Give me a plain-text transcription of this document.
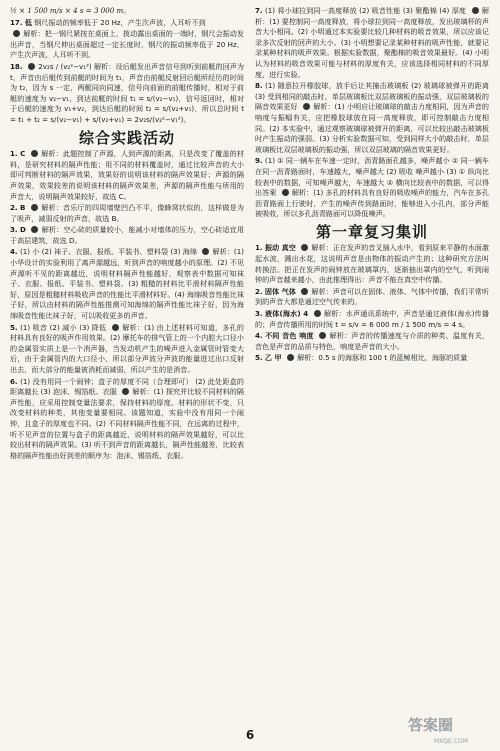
½ × 1 500 m/s × 4 s = 3 000 m。

17. 低 钢尺振动的频率低于 20 Hz，产生次声波，人耳听不到

解析：把一钢尺紧按在桌面上，拨动露出桌面的一端时，钢尺会振动发出声音，当钢尺伸出桌面超过一定长度时，钢尺的振动频率低于 20 Hz，产生次声波，人耳听不到。

18. 2v₂s / (v₂²−v₁²) 解析：设后艇发出声音信号到听到前艇的回声为 t，声音由后艇传到前艇的时间为 t₁，声音由前艇反射回后艇所经历的时间为 t₂，因为 s 一定，两艇同向同速，信号向前面的前艇传播时，相对于前艇的速度为 v₂−v₁，到达前艇的时间 t₁ = s/(v₂−v₁)，信号返回时，相对于后艇的速度为 v₁+v₂，到达后艇的时间 t₂ = s/(v₂+v₁)，所以总时间 t = t₁ + t₂ = s/(v₂−v₁) + s/(v₂+v₁) = 2v₂s/(v₂²−v₁²)。

综合实践活动

1. C 解析：此题控制了声源，人到声源的距离，只是改变了覆盖的材料，是研究材料的隔声性能；用不同的材料覆盖时，通过比较声音的大小即可判断材料的隔声效果，效果好的说明该材料的隔声效果好；声源的隔声效果，效果较差的说明该材料的隔声效果差，声源的隔声性能与所用的声音大，说明隔声效果较好，故选 C。

2. B 解析：音乐厅的四周墙壁凹凸不平，像蜂窝状似的，这样做是为了吸声，减弱反射的声音，故选 B。

3. D 解析：空心砖的质量较小，能减小对墙体的压力，空心砖适宜用于高层建筑，故选 D。

4. (1) 小 (2) 袜子、衣服、报纸、平装书、塑料袋 (3) 海绵 解析：(1) 小华设计的实验利用了离声源越远，听到声音的响度越小的原理。(2) 不见声源听不见的距离越近，说明材料隔声性能越好，观察表中数据可知袜子、衣服、报纸、平装书、塑料袋。(3) 粗糙的材料比平滑材料隔声性能好，原因是粗糙材料吸收声音的性能比平滑材料好。(4) 海绵吸音性能比袜子好，所以由材料的隔声性能推测可知海绵的隔声性能比袜子好，因为海绵吸音性能比袜子好，可以吸收更多的声音。

5. (1) 吸音 (2) 减小 (3) 降低 解析：(1) 由上述材料可知道，多孔的材料具有良好的吸声作用效果。(2) 摩托车的排气管上的一个内腔大口径小的金属管实质上是一个消声器，当发动机产生的噪声进入金属管时管变大后，由于金属管内的大口径小，所以部分声波分声波的能量进过出口反射出去，而大部分的能量被消耗而减弱，所以产生的是消音。

6. (1) 没有用同一个闹钟；盒子的厚度不同（合理即可） (2) 此处距盒的距离越长 (3) 泡沫、锡箔纸、衣服 解析：(1) 探究并比较不同材料的隔声性能，应采用控制变量法要求，保持材料的厚度、材料的形状不变，只改变材料的种类，其他变量要相同。该题知道，实验中没有用同一个闹钟，且盒子的厚度也不同。(2) 不同材料隔声性能不同，在远离的过程中，听不见声音的位置与盒子的距离越近，说明材料的隔声效果越好，可以比较出材料的隔声效果。(3) 听不到声音的距离越长，隔声性能越差，比较表格的隔声性能由好到差的顺序为：泡沫、锡箔纸、衣服。

7. (1) 将小球拉到同一高度释放 (2) 吸音性能 (3) 聚酯棉 (4) 厚度 解析：(1) 要控制同一高度释放，将小球拉到同一高度释放，发出玻璃杯的声音大小相同。(2) 小明通过本实验要比较几种材料的吸音效果，所以应该记录多次反射的回声的大小。(3) 小明想要记录某种材料的吸声性能，就要记录某种材料的吸声效果。根据实验数据，聚酯棉的吸音效果最好。(4) 小明认为材料的吸音效果可能与材料的厚度有关，应该选择相同材料的不同厚度，进行实验。

8. (1) 随意拉开橡胶球，放手后让其撞击玻璃板 (2) 玻璃球被弹开的距离 (3) 受到相同的敲击时，单层玻璃板比双层玻璃板的振动强，双层玻璃板的隔音效果更好 解析：(1) 小明应让玻璃球的敲击力度相同，因为声音的响度与振幅有关，应把橡胶球放在同一高度释放，即可控制敲击力度相同。(2) 本实验中，通过观察玻璃球被弹开的距离，可以比较出敲击玻璃板时产生振动的强弱。(3) 分析实验数据可知，受到同样大小的敲击时，单层玻璃板比双层玻璃板的振动强，所以双层玻璃的隔音效果更好。

9. (1) ① 同一辆车在车速一定时，沥青路面孔越多，噪声越小 ② 同一辆车在同一沥青路面时，车速越大，噪声越大 (2) 吸收 噪声越小 (3) ① 纵向比较表中的数据，可知噪声越大，车速越大 ② 横向比较表中的数据，可以得出答案 解析：(1) 多孔的材料具有良好的吸收噪声的能力，汽车在多孔沥青路面上行驶时，产生的噪声传到路面时，能够进入小孔内，部分声能被吸收，所以多孔沥青路面可以降低噪声。

第一章复习集训

1. 振动 真空 解析：正在发声的音叉插入水中，看到原来平静的水面激起水波，溅出水花，这说明声音是由物体的振动产生的；这种研究方法叫转换法。把正在发声的闹钟放在玻璃罩内，逐渐抽出罩内的空气，听到闹钟的声音越来越小，由此推理得出：声音不能在真空中传播。

2. 固体 气体 解析：声音可以在固体、液体、气体中传播，我们平常听到的声音大都是通过空气传来的。

3. 液体(海水) 4 解析：水声通讯系统中，声音是通过液体(海水)传播的；声音传播所用的时间 t = s/v = 6 000 m / 1 500 m/s = 4 s。

4. 不同 音色 响度 解析：声音的传播速度与介质的种类、温度有关，音色是声音的品质与特色，响度是声音的大小。

5. 乙 甲 解析：0.5 s 的海豚和 100 t 的蓝鲸相比，海豚的质量

6
答案圈
MXQE.COM
